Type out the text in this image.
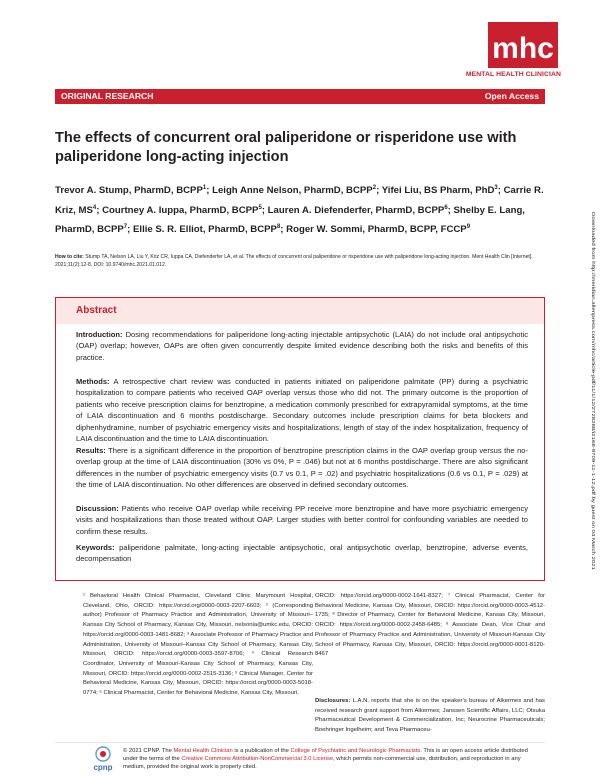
mhc
MENTAL HEALTH CLINICIAN
ORIGINAL RESEARCH	Open Access
The effects of concurrent oral paliperidone or risperidone use with paliperidone long-acting injection
Trevor A. Stump, PharmD, BCPP$^1$; Leigh Anne Nelson, PharmD, BCPP$^2$; Yifei Liu, BS Pharm, PhD$^3$; Carrie R. Kriz, $MS^4$; Courtney A. Iuppa, PharmD, BCPP$^5$; Lauren A. Diefenderfer, PharmD, BCPP$^6$; Shelby E. Lang, PharmD, BCPP$^7$; Ellie S. R. Elliot, PharmD, BCPP$^8$; Roger W. Sommi, PharmD, BCPP, FCCP$^9$
How to cite: Stump TA, Nelson LA, Liu Y, Kriz CR, Iuppa CA, Diefenderfer LA, et al. The effects of concurrent oral paliperidone or risperidone use with paliperidone long-acting injection. Ment Health Clin [Internet]. 2021;11(2):12-8. DOI: 10.9740/mhc.2021.01.012.
Abstract
Introduction: Dosing recommendations for paliperidone long-acting injectable antipsychotic (LAIA) do not include oral antipsychotic (OAP) overlap; however, OAPs are often given concurrently despite limited evidence describing both the risks and benefits of this practice.
Methods: A retrospective chart review was conducted in patients initiated on paliperidone palmitate (PP) during a psychiatric hospitalization to compare patients who received OAP overlap versus those who did not. The primary outcome is the proportion of patients who receive prescription claims for benztropine, a medication commonly prescribed for extrapyramidal symptoms, at the time of LAIA discontinuation and 6 months postdischarge. Secondary outcomes include prescription claims for beta blockers and diphenhydramine, number of psychiatric emergency visits and hospitalizations, length of stay of the index hospitalization, frequency of LAIA discontinuation and the time to LAIA discontinuation.
Results: There is a significant difference in the proportion of benztropine prescription claims in the OAP overlap group versus the no-overlap group at the time of LAIA discontinuation (30% vs 0%, P = .046) but not at 6 months postdischarge. There are also significant differences in the number of psychiatric emergency visits (0.7 vs 0.1, P = .02) and psychiatric hospitalizations (0.6 vs 0.1, P = .029) at the time of LAIA discontinuation. No other differences are observed in defined secondary outcomes.
Discussion: Patients who receive OAP overlap while receiving PP receive more benztropine and have more psychiatric emergency visits and hospitalizations than those treated without OAP. Larger studies with better control for confounding variables are needed to confirm these results.
Keywords: paliperidone palmitate, long-acting injectable antipsychotic, oral antipsychotic overlap, benztropine, adverse events, decompensation
Downloaded from http://meridian.allenpress.com/mhc/article-pdf/11/1/12/2728288/i2168-9709-11-1-12.pdf by guest on 04 March 2021
¹ Behavioral Health Clinical Pharmacist, Cleveland Clinic Marymount Hospital, Cleveland, Ohio, ORCID: https://orcid.org/0000-0003-2207-6603; ² (Corresponding author) Professor of Pharmacy Practice and Administration, University of Missouri–Kansas City School of Pharmacy, Kansas City, Missouri, nelsonla@umkc.edu, ORCID: https://orcid.org/0000-0003-1481-8682; ³ Associate Professor of Pharmacy Practice and Administration, University of Missouri–Kansas City School of Pharmacy, Kansas City, Missouri, ORCID: https://orcid.org/0000-0003-3597-8706; ⁴ Clinical Research Coordinator, University of Missouri-Kansas City School of Pharmacy, Kansas City, Missouri, ORCID: https://orcid.org/0000-0002-2515-3136; ⁵ Clinical Manager, Center for Behavioral Medicine, Kansas City, Missouri, ORCID: https://orcid.org/0000-0003-5018-0774; ⁶ Clinical Pharmacist, Center for Behavioral Medicine, Kansas City, Missouri,
ORCID: https://orcid.org/0000-0002-1641-8327; ⁷ Clinical Pharmacist, Center for Behavioral Medicine, Kansas City, Missouri, ORCID: https://orcid.org/0000-0003-4512-1735; ⁸ Director of Pharmacy, Center for Behavioral Medicine, Kansas City, Missouri, ORCID: https://orcid.org/0000-0002-2458-6485; ⁹ Associate Dean, Vice Chair and Professor of Pharmacy Practice and Administration, University of Missouri-Kansas City School of Pharmacy, Kansas City, Missouri, ORCID: https://orcid.org/0000-0001-8120-8467
Disclosures: L.A.N. reports that she is on the speaker’s bureau of Alkermes and has received research grant support from Alkermes; Janssen Scientific Affairs, LLC; Otsuka Pharmaceutical Development & Commercialization, Inc; Neurocrine Pharmaceuticals; Boehringer Ingelheim; and Teva Pharmaceu-
cpnp
© 2021 CPNP. The Mental Health Clinician is a publication of the College of Psychiatric and Neurologic Pharmacists. This is an open access article distributed under the terms of the Creative Commons Attribution-NonCommercial 3.0 License, which permits non-commercial use, distribution, and reproduction in any medium, provided the original work is properly cited.
